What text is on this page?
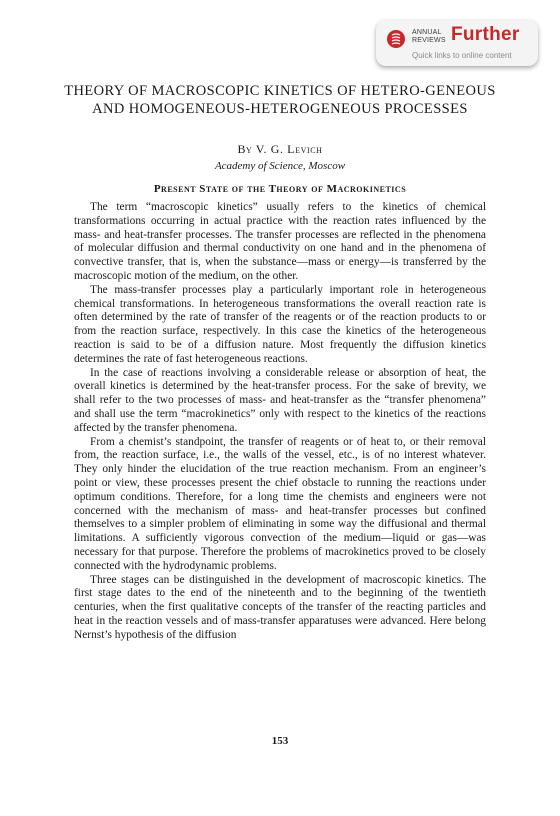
ANNUAL
REVIEWS Further
Quick links to online content
THEORY OF MACROSCOPIC KINETICS OF HETERO-GENEOUS AND HOMOGENEOUS-HETEROGENEOUS PROCESSES

By V. G. Levich

Academy of Science, Moscow

Present State of the Theory of Macrokinetics

The term “macroscopic kinetics” usually refers to the kinetics of chemical transformations occurring in actual practice with the reaction rates influenced by the mass- and heat-transfer processes. The transfer processes are reflected in the phenomena of molecular diffusion and thermal conductivity on one hand and in the phenomena of convective transfer, that is, when the substance—mass or energy—is transferred by the macroscopic motion of the medium, on the other.

The mass-transfer processes play a particularly important role in heterogeneous chemical transformations. In heterogeneous transformations the overall reaction rate is often determined by the rate of transfer of the reagents or of the reaction products to or from the reaction surface, respectively. In this case the kinetics of the heterogeneous reaction is said to be of a diffusion nature. Most frequently the diffusion kinetics determines the rate of fast heterogeneous reactions.

In the case of reactions involving a considerable release or absorption of heat, the overall kinetics is determined by the heat-transfer process. For the sake of brevity, we shall refer to the two processes of mass- and heat-transfer as the “transfer phenomena” and shall use the term “macrokinetics” only with respect to the kinetics of the reactions affected by the transfer phenomena.

From a chemist’s standpoint, the transfer of reagents or of heat to, or their removal from, the reaction surface, i.e., the walls of the vessel, etc., is of no interest whatever. They only hinder the elucidation of the true reaction mechanism. From an engineer’s point or view, these processes present the chief obstacle to running the reactions under optimum conditions. Therefore, for a long time the chemists and engineers were not concerned with the mechanism of mass- and heat-transfer processes but confined themselves to a simpler problem of eliminating in some way the diffusional and thermal limitations. A sufficiently vigorous convection of the medium—liquid or gas—was necessary for that purpose. Therefore the problems of macrokinetics proved to be closely connected with the hydrodynamic problems.

Three stages can be distinguished in the development of macroscopic kinetics. The first stage dates to the end of the nineteenth and to the beginning of the twentieth centuries, when the first qualitative concepts of the transfer of the reacting particles and heat in the reaction vessels and of mass-transfer apparatuses were advanced. Here belong Nernst’s hypothesis of the diffusion

153
